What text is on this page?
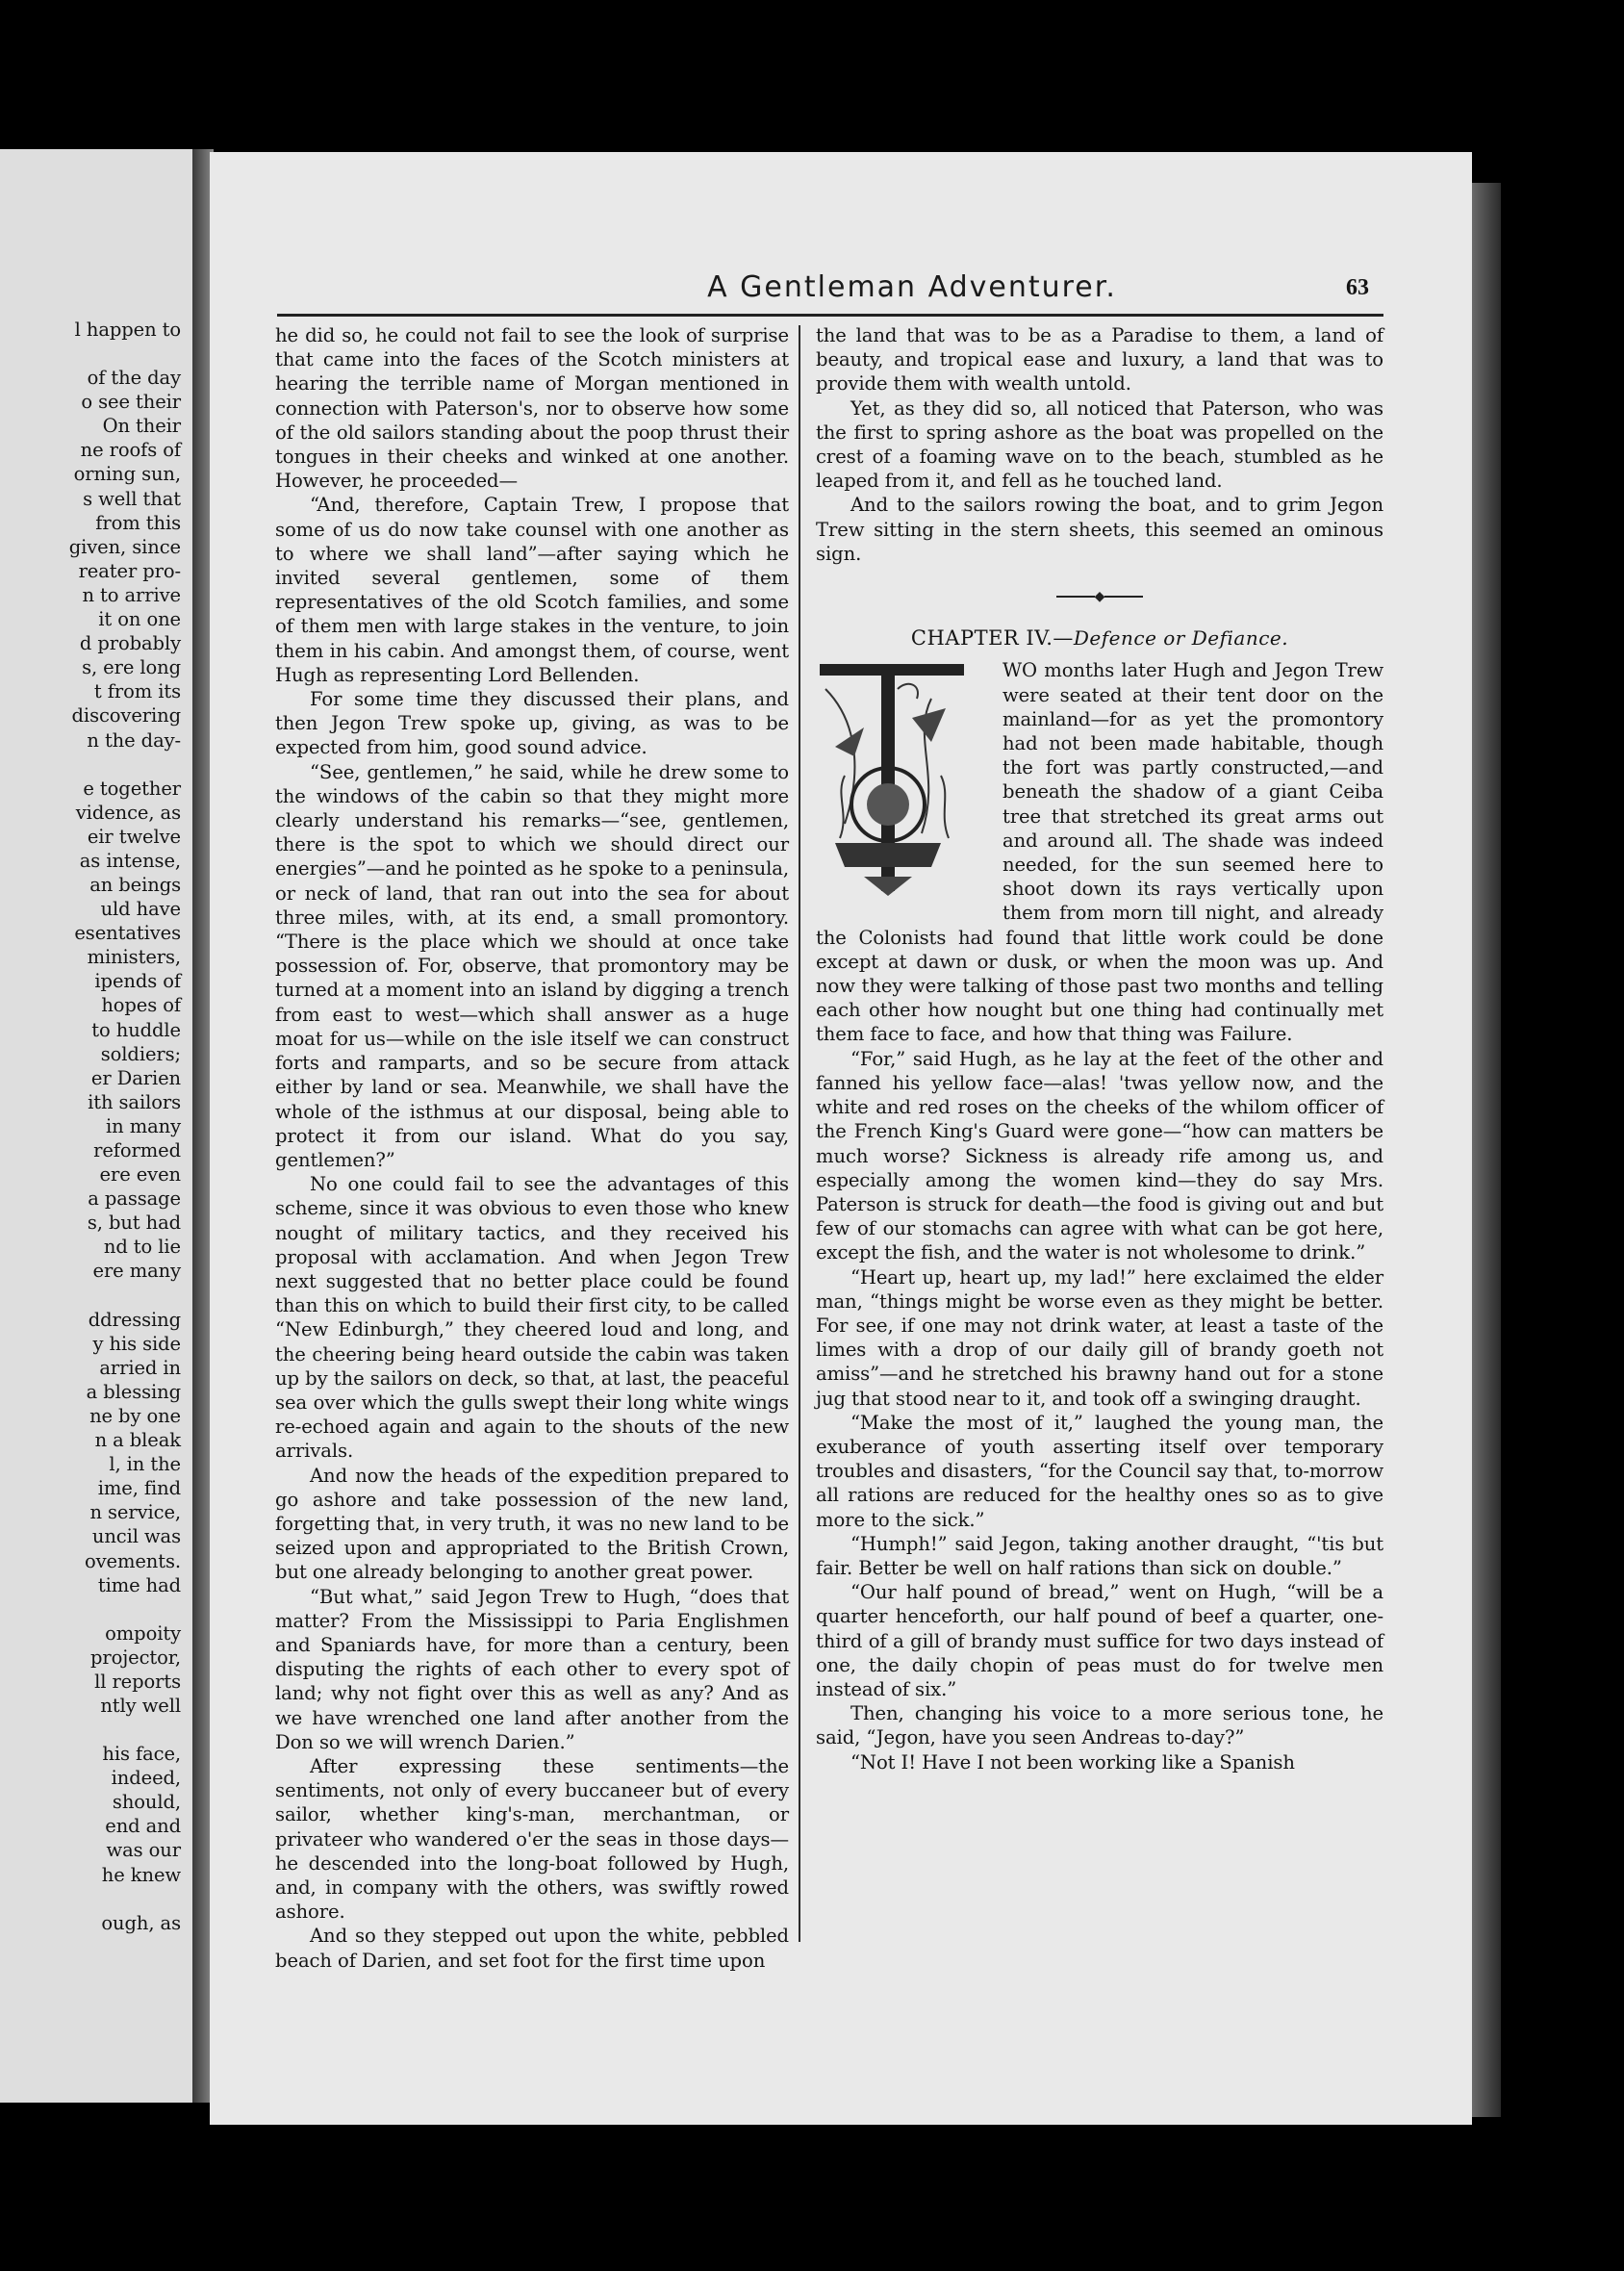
l happen to
of the day
o see their
On their
ne roofs of
orning sun,
s well that
from this
given, since
reater pro-
n to arrive
it on one
d probably
s, ere long
t from its
discovering
n the day-
e together
vidence, as
eir twelve
as intense,
an beings
uld have
esentatives
ministers,
ipends of
hopes of
to huddle
soldiers;
er Darien
ith sailors
in many
reformed
ere even
a passage
s, but had
nd to lie
ere many
ddressing
y his side
arried in
a blessing
ne by one
n a bleak
l, in the
ime, find
n service,
uncil was
ovements.
time had
ompoity
projector,
ll reports
ntly well
his face,
indeed,
should,
end and
was our
he knew
ough, as
A Gentleman Adventurer.	63

he did so, he could not fail to see the look of surprise that came into the faces of the Scotch ministers at hearing the terrible name of Morgan mentioned in connection with Paterson's, nor to observe how some of the old sailors standing about the poop thrust their tongues in their cheeks and winked at one another. However, he proceeded—

“And, therefore, Captain Trew, I propose that some of us do now take counsel with one another as to where we shall land”—after saying which he invited several gentlemen, some of them representatives of the old Scotch families, and some of them men with large stakes in the venture, to join them in his cabin. And amongst them, of course, went Hugh as representing Lord Bellenden.

For some time they discussed their plans, and then Jegon Trew spoke up, giving, as was to be expected from him, good sound advice.

“See, gentlemen,” he said, while he drew some to the windows of the cabin so that they might more clearly understand his remarks—“see, gentlemen, there is the spot to which we should direct our energies”—and he pointed as he spoke to a peninsula, or neck of land, that ran out into the sea for about three miles, with, at its end, a small promontory. “There is the place which we should at once take possession of. For, observe, that promontory may be turned at a moment into an island by digging a trench from east to west—which shall answer as a huge moat for us—while on the isle itself we can construct forts and ramparts, and so be secure from attack either by land or sea. Meanwhile, we shall have the whole of the isthmus at our disposal, being able to protect it from our island. What do you say, gentlemen?”

No one could fail to see the advantages of this scheme, since it was obvious to even those who knew nought of military tactics, and they received his proposal with acclamation. And when Jegon Trew next suggested that no better place could be found than this on which to build their first city, to be called “New Edinburgh,” they cheered loud and long, and the cheering being heard outside the cabin was taken up by the sailors on deck, so that, at last, the peaceful sea over which the gulls swept their long white wings re-echoed again and again to the shouts of the new arrivals.

And now the heads of the expedition prepared to go ashore and take possession of the new land, forgetting that, in very truth, it was no new land to be seized upon and appropriated to the British Crown, but one already belonging to another great power.

“But what,” said Jegon Trew to Hugh, “does that matter? From the Mississippi to Paria Englishmen and Spaniards have, for more than a century, been disputing the rights of each other to every spot of land; why not fight over this as well as any? And as we have wrenched one land after another from the Don so we will wrench Darien.”

After expressing these sentiments—the sentiments, not only of every buccaneer but of every sailor, whether king's-man, merchantman, or privateer who wandered o'er the seas in those days—he descended into the long-boat followed by Hugh, and, in company with the others, was swiftly rowed ashore.

And so they stepped out upon the white, pebbled beach of Darien, and set foot for the first time upon

the land that was to be as a Paradise to them, a land of beauty, and tropical ease and luxury, a land that was to provide them with wealth untold.

Yet, as they did so, all noticed that Paterson, who was the first to spring ashore as the boat was propelled on the crest of a foaming wave on to the beach, stumbled as he leaped from it, and fell as he touched land.

And to the sailors rowing the boat, and to grim Jegon Trew sitting in the stern sheets, this seemed an ominous sign.

◆
CHAPTER IV.—Defence or Defiance.

WO months later Hugh and Jegon Trew were seated at their tent door on the mainland—for as yet the promontory had not been made habitable, though the fort was partly constructed,—and beneath the shadow of a giant Ceiba tree that stretched its great arms out and around all. The shade was indeed needed, for the sun seemed here to shoot down its rays vertically upon them from morn till night, and already the Colonists had found that little work could be done except at dawn or dusk, or when the moon was up. And now they were talking of those past two months and telling each other how nought but one thing had continually met them face to face, and how that thing was Failure.

“For,” said Hugh, as he lay at the feet of the other and fanned his yellow face—alas! 'twas yellow now, and the white and red roses on the cheeks of the whilom officer of the French King's Guard were gone—“how can matters be much worse? Sickness is already rife among us, and especially among the women kind—they do say Mrs. Paterson is struck for death—the food is giving out and but few of our stomachs can agree with what can be got here, except the fish, and the water is not wholesome to drink.”

“Heart up, heart up, my lad!” here exclaimed the elder man, “things might be worse even as they might be better. For see, if one may not drink water, at least a taste of the limes with a drop of our daily gill of brandy goeth not amiss”—and he stretched his brawny hand out for a stone jug that stood near to it, and took off a swinging draught.

“Make the most of it,” laughed the young man, the exuberance of youth asserting itself over temporary troubles and disasters, “for the Council say that, to-morrow all rations are reduced for the healthy ones so as to give more to the sick.”

“Humph!” said Jegon, taking another draught, “'tis but fair. Better be well on half rations than sick on double.”

“Our half pound of bread,” went on Hugh, “will be a quarter henceforth, our half pound of beef a quarter, one-third of a gill of brandy must suffice for two days instead of one, the daily chopin of peas must do for twelve men instead of six.”

Then, changing his voice to a more serious tone, he said, “Jegon, have you seen Andreas to-day?”

“Not I! Have I not been working like a Spanish
